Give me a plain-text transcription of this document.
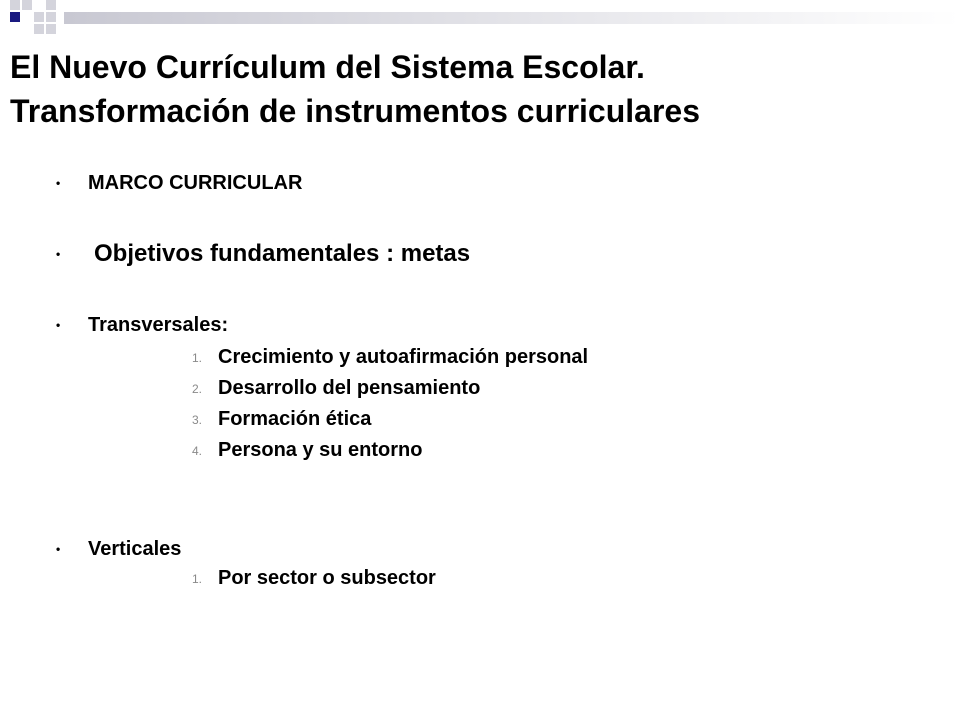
El Nuevo Currículum del Sistema Escolar.
Transformación de instrumentos curriculares
• MARCO CURRICULAR
• Objetivos fundamentales : metas
• Transversales:
1. Crecimiento y autoafirmación personal
2. Desarrollo del pensamiento
3. Formación ética
4. Persona y su entorno
• Verticales
1. Por sector o subsector
